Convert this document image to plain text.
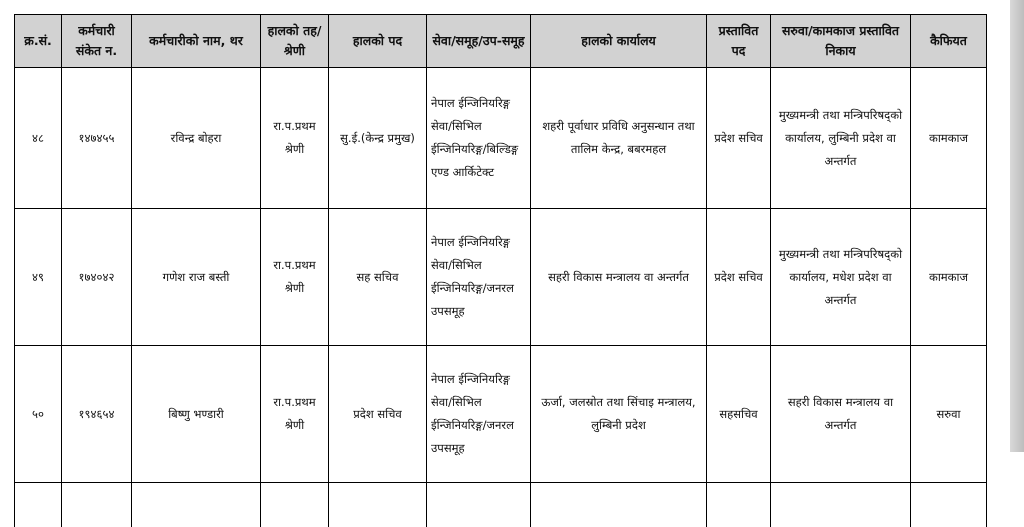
क्र.सं.	कर्मचारी संकेत न.	कर्मचारीको नाम, थर	हालको तह/श्रेणी	हालको पद	सेवा/समूह/उप-समूह	हालको कार्यालय	प्रस्तावित पद	सरुवा/कामकाज प्रस्तावित निकाय	कैफियत
४८	१४७४५५	रविन्द्र बोहरा	रा.प.प्रथम श्रेणी	सु.ई.(केन्द्र प्रमुख)	नेपाल ईन्जिनियरिङ्ग सेवा/सिभिल ईन्जिनियरिङ्ग/बिल्डिङ्ग एण्ड आर्किटेक्ट	शहरी पूर्वाधार प्रविधि अनुसन्धान तथा तालिम केन्द्र, बबरमहल	प्रदेश सचिव	मुख्यमन्त्री तथा मन्त्रिपरिषद्को कार्यालय, लुम्बिनी प्रदेश वा अन्तर्गत	कामकाज
४९	१७४०४२	गणेश राज बस्ती	रा.प.प्रथम श्रेणी	सह सचिव	नेपाल ईन्जिनियरिङ्ग सेवा/सिभिल ईन्जिनियरिङ्ग/जनरल उपसमूह	सहरी विकास मन्त्रालय वा अन्तर्गत	प्रदेश सचिव	मुख्यमन्त्री तथा मन्त्रिपरिषद्को कार्यालय, मधेश प्रदेश वा अन्तर्गत	कामकाज
५०	१९४६५४	बिष्णु भण्डारी	रा.प.प्रथम श्रेणी	प्रदेश सचिव	नेपाल ईन्जिनियरिङ्ग सेवा/सिभिल ईन्जिनियरिङ्ग/जनरल उपसमूह	ऊर्जा, जलस्रोत तथा सिंचाइ मन्त्रालय, लुम्बिनी प्रदेश	सहसचिव	सहरी विकास मन्त्रालय वा अन्तर्गत	सरुवा
